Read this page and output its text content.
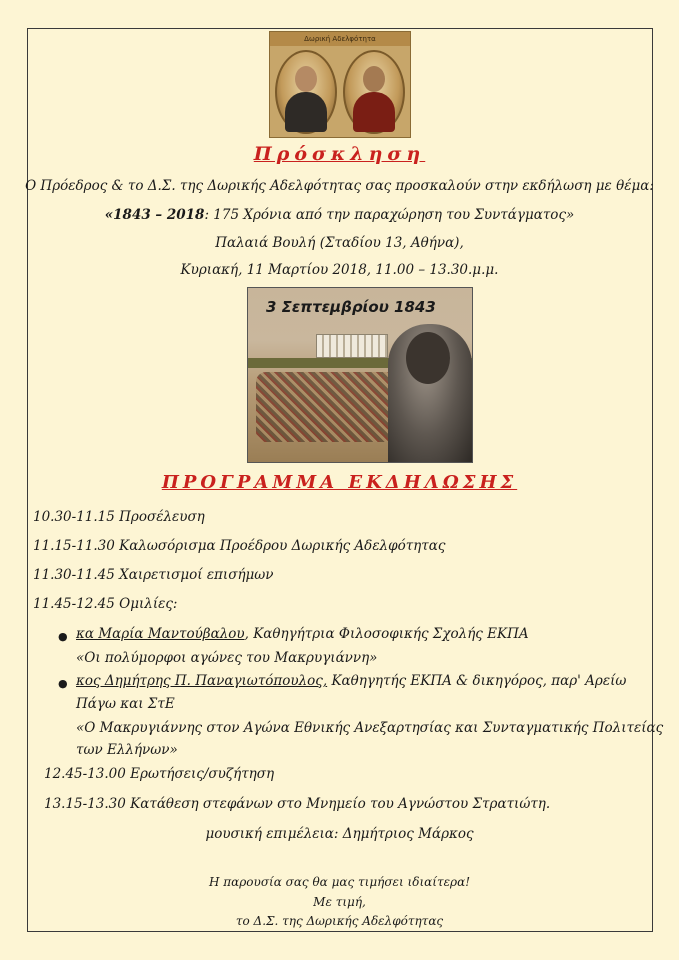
Δωρική Αδελφότητα
Πρόσκληση
Ο Πρόεδρος & το Δ.Σ. της Δωρικής Αδελφότητας σας προσκαλούν στην εκδήλωση με θέμα:
«1843 – 2018: 175 Χρόνια από την παραχώρηση του Συντάγματος»
Παλαιά Βουλή (Σταδίου 13, Αθήνα),
Κυριακή, 11 Μαρτίου 2018, 11.00 – 13.30.μ.μ.
3 Σεπτεμβρίου 1843
ΠΡΟΓΡΑΜΜΑ ΕΚΔΗΛΩΣΗΣ
10.30-11.15 Προσέλευση
11.15-11.30 Καλωσόρισμα Προέδρου Δωρικής Αδελφότητας
11.30-11.45 Χαιρετισμοί επισήμων
11.45-12.45 Ομιλίες:
● κα Μαρία Μαντούβαλου, Καθηγήτρια Φιλοσοφικής Σχολής ΕΚΠΑ
«Οι πολύμορφοι αγώνες του Μακρυγιάννη»
● κος Δημήτρης Π. Παναγιωτόπουλος, Καθηγητής ΕΚΠΑ & δικηγόρος, παρ' Αρείω
Πάγω και ΣτΕ
«Ο Μακρυγιάννης στον Αγώνα Εθνικής Ανεξαρτησίας και Συνταγματικής Πολιτείας
των Ελλήνων»
12.45-13.00 Ερωτήσεις/συζήτηση
13.15-13.30 Κατάθεση στεφάνων στο Μνημείο του Αγνώστου Στρατιώτη.
μουσική επιμέλεια: Δημήτριος Μάρκος
Η παρουσία σας θα μας τιμήσει ιδιαίτερα!
Με τιμή,
το Δ.Σ. της Δωρικής Αδελφότητας
